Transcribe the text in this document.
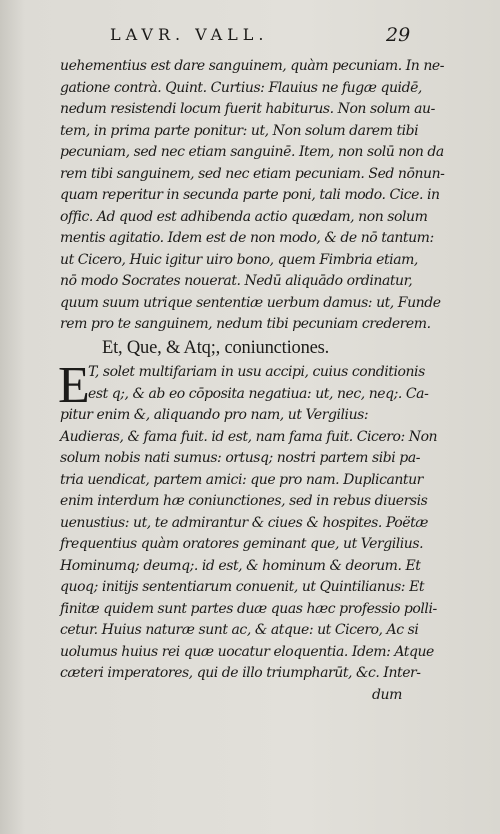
LAVR. VALL.	29
uehementius est dare sanguinem, quàm pecuniam. In ne-
gatione contrà. Quint. Curtius: Flauius ne fugæ quidē,
nedum resistendi locum fuerit habiturus. Non solum au-
tem, in prima parte ponitur: ut, Non solum darem tibi
pecuniam, sed nec etiam sanguinē. Item, non solū non da
rem tibi sanguinem, sed nec etiam pecuniam. Sed nōnun-
quam reperitur in secunda parte poni, tali modo. Cice. in
offic. Ad quod est adhibenda actio quædam, non solum
mentis agitatio. Idem est de non modo, & de nō tantum:
ut Cicero, Huic igitur uiro bono, quem Fimbria etiam,
nō modo Socrates nouerat. Nedū aliquādo ordinatur,
quum suum utrique sententiæ uerbum damus: ut, Funde
rem pro te sanguinem, nedum tibi pecuniam crederem.
Et, Que, & Atq;, coniunctiones.
E
T, solet multifariam in usu accipi, cuius conditionis
est q;, & ab eo cōposita negatiua: ut, nec, neq;. Ca-
pitur enim &, aliquando pro nam, ut Vergilius:
Audieras, & fama fuit. id est, nam fama fuit. Cicero: Non
solum nobis nati sumus: ortusq; nostri partem sibi pa-
tria uendicat, partem amici: que pro nam. Duplicantur
enim interdum hæ coniunctiones, sed in rebus diuersis
uenustius: ut, te admirantur & ciues & hospites. Poëtæ
frequentius quàm oratores geminant que, ut Vergilius.
Hominumq; deumq;. id est, & hominum & deorum. Et
quoq; initijs sententiarum conuenit, ut Quintilianus: Et
finitæ quidem sunt partes duæ quas hæc professio polli-
cetur. Huius naturæ sunt ac, & atque: ut Cicero, Ac si
uolumus huius rei quæ uocatur eloquentia. Idem: Atque
cæteri imperatores, qui de illo triumpharūt, &c. Inter-
dum
